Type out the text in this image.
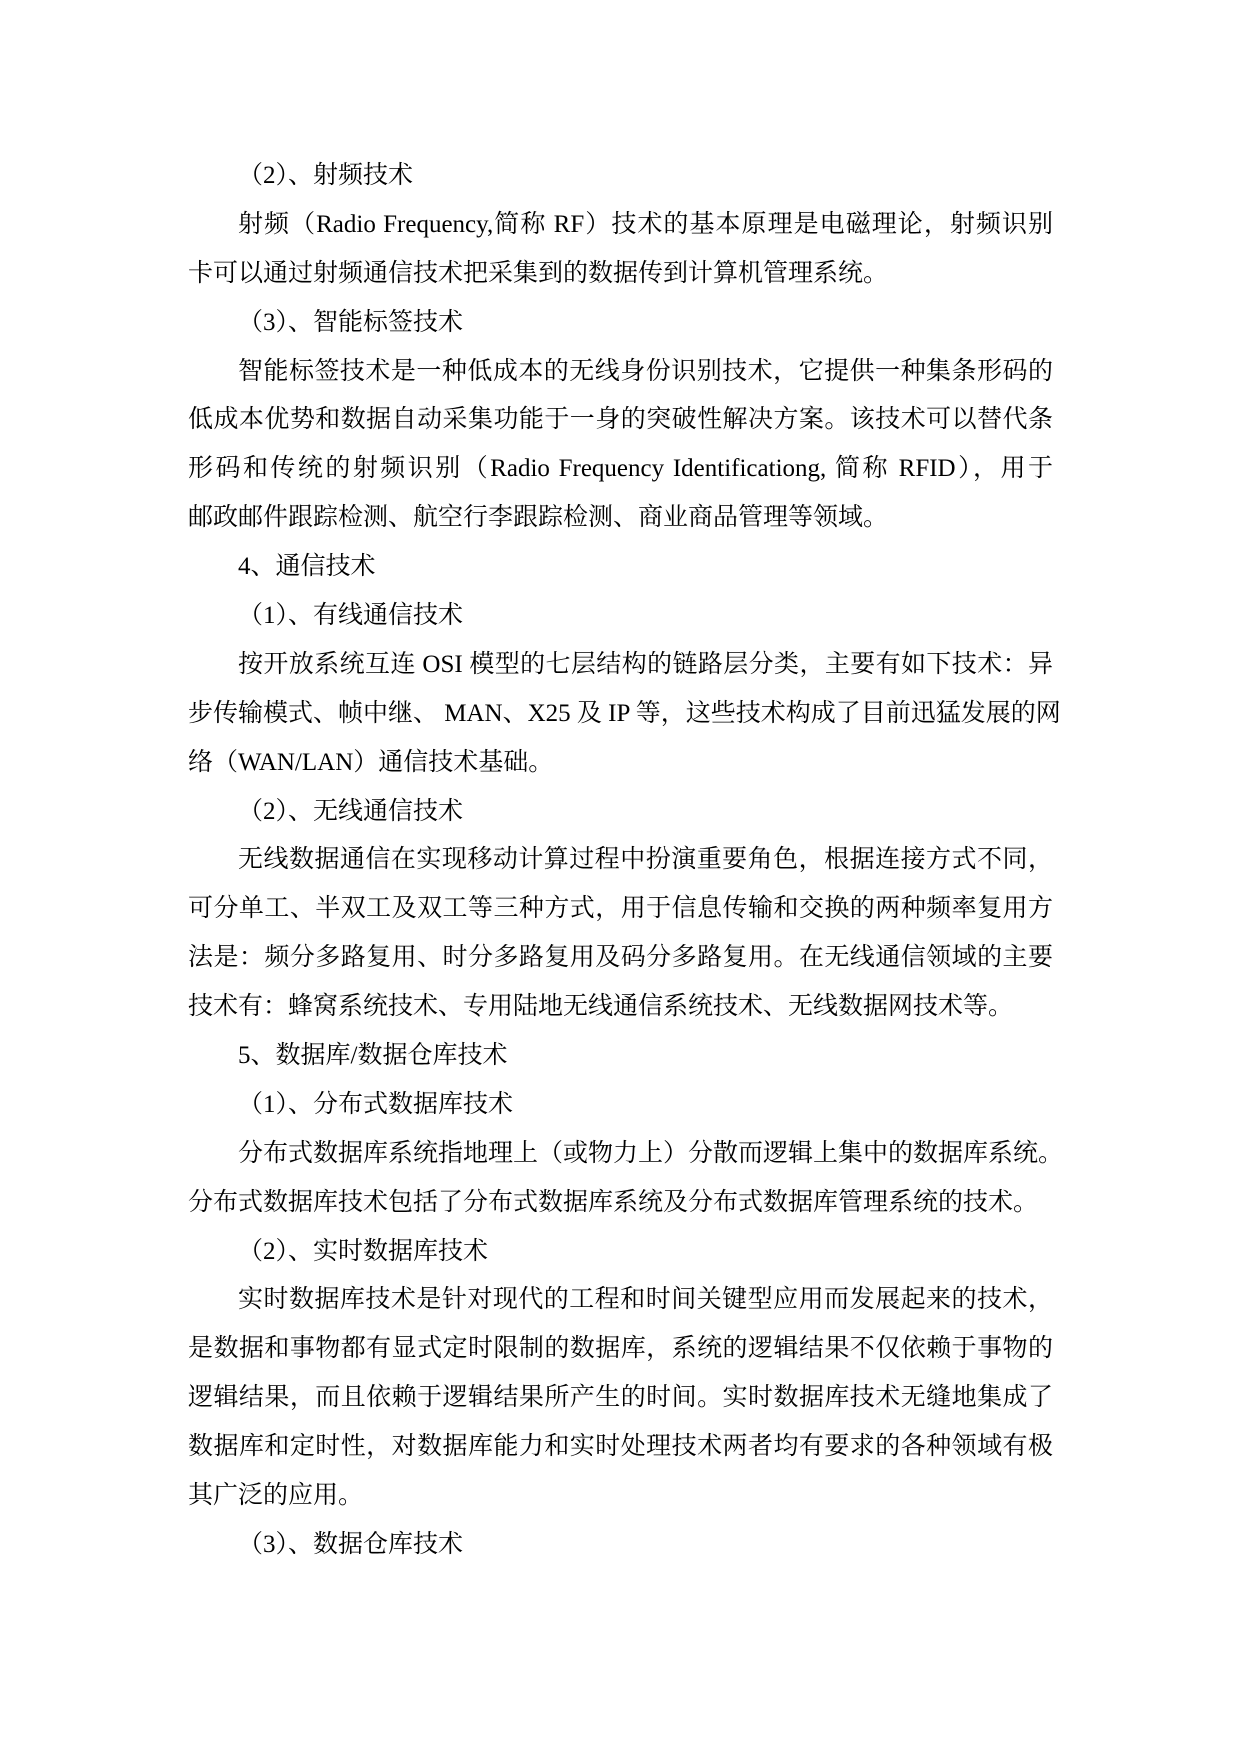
（2）、射频技术
射频（Radio Frequency,简称 RF）技术的基本原理是电磁理论，射频识别
卡可以通过射频通信技术把采集到的数据传到计算机管理系统。
（3）、智能标签技术
智能标签技术是一种低成本的无线身份识别技术，它提供一种集条形码的
低成本优势和数据自动采集功能于一身的突破性解决方案。该技术可以替代条
形码和传统的射频识别（Radio Frequency Identificationg, 简称 RFID），用于
邮政邮件跟踪检测、航空行李跟踪检测、商业商品管理等领域。
4、通信技术
（1）、有线通信技术
按开放系统互连 OSI 模型的七层结构的链路层分类，主要有如下技术：异
步传输模式、帧中继、 MAN、X25 及 IP 等，这些技术构成了目前迅猛发展的网
络（WAN/LAN）通信技术基础。
（2）、无线通信技术
无线数据通信在实现移动计算过程中扮演重要角色，根据连接方式不同，
可分单工、半双工及双工等三种方式，用于信息传输和交换的两种频率复用方
法是：频分多路复用、时分多路复用及码分多路复用。在无线通信领域的主要
技术有：蜂窝系统技术、专用陆地无线通信系统技术、无线数据网技术等。
5、数据库/数据仓库技术
（1）、分布式数据库技术
分布式数据库系统指地理上（或物力上）分散而逻辑上集中的数据库系统。
分布式数据库技术包括了分布式数据库系统及分布式数据库管理系统的技术。
（2）、实时数据库技术
实时数据库技术是针对现代的工程和时间关键型应用而发展起来的技术，
是数据和事物都有显式定时限制的数据库，系统的逻辑结果不仅依赖于事物的
逻辑结果，而且依赖于逻辑结果所产生的时间。实时数据库技术无缝地集成了
数据库和定时性，对数据库能力和实时处理技术两者均有要求的各种领域有极
其广泛的应用。
（3）、数据仓库技术
